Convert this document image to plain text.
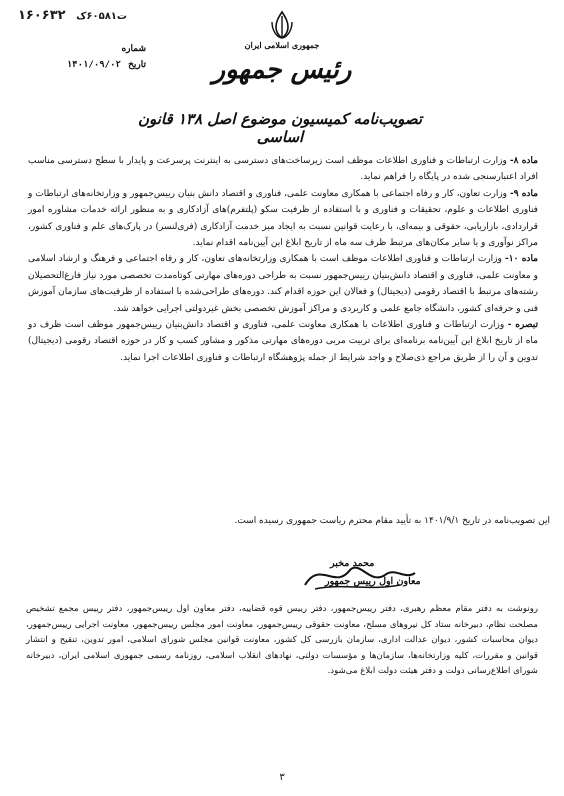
۱۶۰۶۳۲ ت۶۰۵۸۱ک
شماره
تاریخ ۱۴۰۱/۰۹/۰۲
جمهوری اسلامی ایران
رئیس جمهور
تصویب‌نامه کمیسیون موضوع اصل ۱۳۸ قانون اساسی

ماده ۸- وزارت ارتباطات و فناوری اطلاعات موظف است زیرساخت‌های دسترسی به اینترنت پرسرعت و پایدار با سطح دسترسی مناسب افراد اعتبارسنجی شده در پایگاه را فراهم نماید.

ماده ۹- وزارت تعاون، کار و رفاه اجتماعی با همکاری معاونت علمی، فناوری و اقتصاد دانش بنیان رییس‌جمهور و وزارتخانه‌های ارتباطات و فناوری اطلاعات و علوم، تحقیقات و فناوری و با استفاده از ظرفیت سکو (پلتفرم)های آزادکاری و به منظور ارائه خدمات مشاوره امور قراردادی، بازاریابی، حقوقی و بیمه‌ای، با رعایت قوانین نسبت به ایجاد میز خدمت آزادکاری (فری‌لنسر) در پارک‌های علم و فناوری کشور، مراکز نوآوری و یا سایر مکان‌های مرتبط ظرف سه ماه از تاریخ ابلاغ این آیین‌نامه اقدام نماید.

ماده ۱۰- وزارت ارتباطات و فناوری اطلاعات موظف است با همکاری وزارتخانه‌های تعاون، کار و رفاه اجتماعی و فرهنگ و ارشاد اسلامی و معاونت علمی، فناوری و اقتصاد دانش‌بنیان رییس‌جمهور نسبت به طراحی دوره‌های مهارتی کوتاه‌مدت تخصصی مورد نیاز فارغ‌التحصیلان رشته‌های مرتبط با اقتصاد رقومی (دیجیتال) و فعالان این حوزه اقدام کند. دوره‌های طراحی‌شده با استفاده از ظرفیت‌های سازمان آموزش فنی و حرفه‌ای کشور، دانشگاه جامع علمی و کاربردی و مراکز آموزش تخصصی بخش غیردولتی اجرایی خواهد شد.

تبصره - وزارت ارتباطات و فناوری اطلاعات با همکاری معاونت علمی، فناوری و اقتصاد دانش‌بنیان رییس‌جمهور موظف است ظرف دو ماه از تاریخ ابلاغ این آیین‌نامه برنامه‌ای برای تربیت مربی دوره‌های مهارتی مذکور و مشاور کسب و کار در حوزه اقتصاد رقومی (دیجیتال) تدوین و آن را از طریق مراجع ذی‌صلاح و واجد شرایط از جمله پژوهشگاه ارتباطات و فناوری اطلاعات اجرا نماید.

این تصویب‌نامه در تاریخ ۱۴۰۱/۹/۱ به تأیید مقام محترم ریاست جمهوری رسیده است.
محمد مخبر
معاون اول رییس جمهور
رونوشت به دفتر مقام معظم رهبری، دفتر رییس‌جمهور، دفتر رییس قوه قضاییه، دفتر معاون اول رییس‌جمهور، دفتر رییس مجمع تشخیص مصلحت نظام، دبیرخانه ستاد کل نیروهای مسلح، معاونت حقوقی رییس‌جمهور، معاونت امور مجلس رییس‌جمهور، معاونت اجرایی رییس‌جمهور، دیوان محاسبات کشور، دیوان عدالت اداری، سازمان بازرسی کل کشور، معاونت قوانین مجلس شورای اسلامی، امور تدوین، تنقیح و انتشار قوانین و مقررات، کلیه وزارتخانه‌ها، سازمان‌ها و مؤسسات دولتی، نهادهای انقلاب اسلامی، روزنامه رسمی جمهوری اسلامی ایران، دبیرخانه شورای اطلاع‌رسانی دولت و دفتر هیئت دولت ابلاغ می‌شود.
۳
